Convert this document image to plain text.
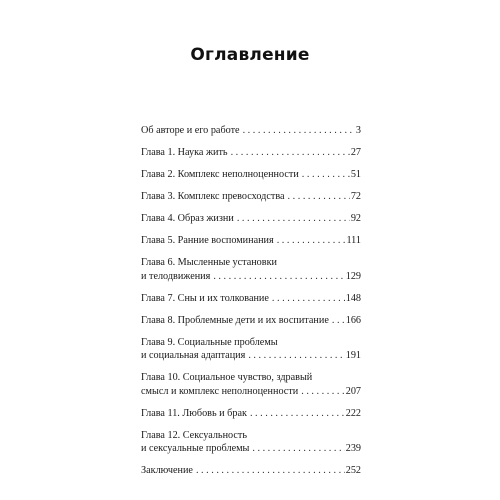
Оглавление
Об авторе и его работе . . .	3
Глава 1. Наука жить . . .	27
Глава 2. Комплекс неполноценности . . .	51
Глава 3. Комплекс превосходства . . .	72
Глава 4. Образ жизни . . .	92
Глава 5. Ранние воспоминания . . .	111
Глава 6. Мысленные установки
и телодвижения . . .	129
Глава 7. Сны и их толкование . . .	148
Глава 8. Проблемные дети и их воспитание . . . 166
Глава 9. Социальные проблемы
и социальная адаптация . . .	191
Глава 10. Социальное чувство, здравый
смысл и комплекс неполноценности . . .	207
Глава 11. Любовь и брак . . .	222
Глава 12. Сексуальность
и сексуальные проблемы . . .	239
Заключение . . .	252
